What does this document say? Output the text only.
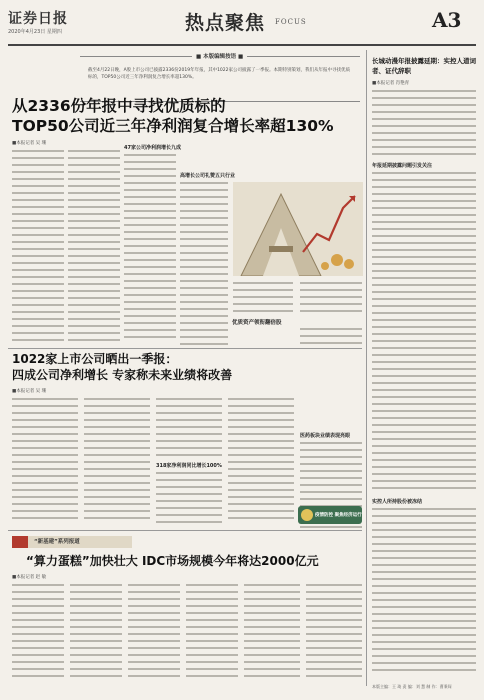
证券日报
2020年4月23日 星期四	热点聚焦 FOCUS	A3
■ 本版编辑按语 ■
截至4月22日晚，A股上市公司已披露2336份2019年年报，其中1022家公司披露了一季报。本期特别策划，我们从年报中寻找优质标的，TOP50公司近三年净利润复合增长率超130%。
从2336份年报中寻找优质标的
TOP50公司近三年净利润复合增长率超130%
■本报记者 吴 珊
47家公司净利润增长九成
高增长公司礼赞五只行业
优质资产领衔翻倍股
1022家上市公司晒出一季报：
四成公司净利增长 专家称未来业绩将改善
■本报记者 吴 珊
318家净利润同比增长100%
医药板块业绩表现亮眼
疫情防控 聚焦经济运行
“新基建”系列报道
“算力蛋糕”加快壮大 IDC市场规模今年将达2000亿元
■本报记者 赵 敏
长城动漫年报披露延期：实控人道词者、证代辞职
■本报记者 肖艳青
年报延期披露问题引发关注
实控人所持股份被冻结
本版主编：王 琦 责 编：刘 慧 制 作：曹秉琛
